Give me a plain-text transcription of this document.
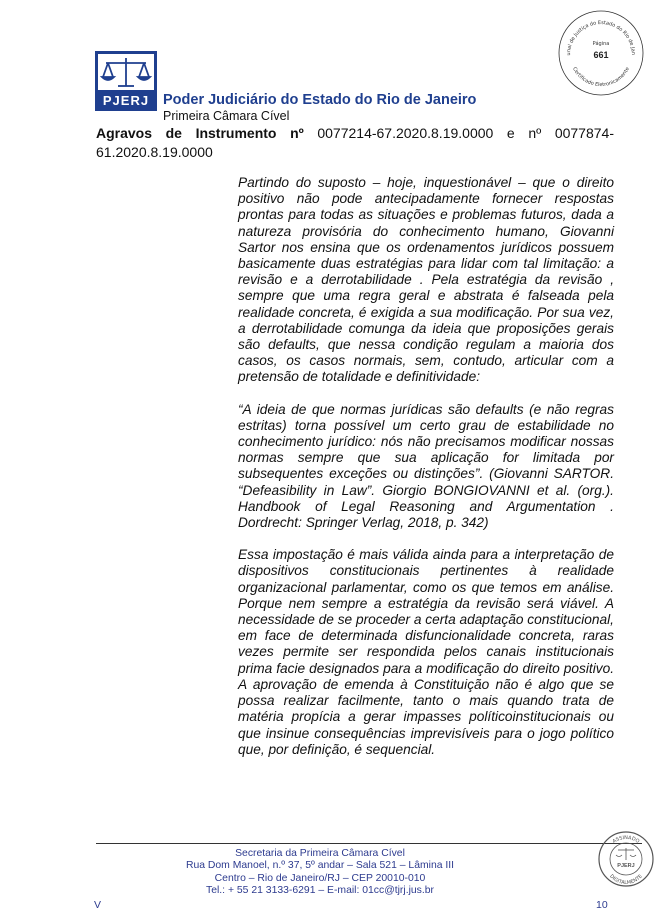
unal de Justiça do Estado do Rio de Jan
Página
661
Certificado Eletronicamente
PJERJ Poder Judiciário do Estado do Rio de Janeiro
Primeira Câmara Cível
Agravos de Instrumento nº 0077214-67.2020.8.19.0000 e nº 0077874-61.2020.8.19.0000

Partindo do suposto – hoje, inquestionável – que o direito positivo não pode antecipadamente fornecer respostas prontas para todas as situações e problemas futuros, dada a natureza provisória do conhecimento humano, Giovanni Sartor nos ensina que os ordenamentos jurídicos possuem basicamente duas estratégias para lidar com tal limitação: a revisão e a derrotabilidade . Pela estratégia da revisão , sempre que uma regra geral e abstrata é falseada pela realidade concreta, é exigida a sua modificação. Por sua vez, a derrotabilidade comunga da ideia que proposições gerais são defaults, que nessa condição regulam a maioria dos casos, os casos normais, sem, contudo, articular com a pretensão de totalidade e definitividade:

“A ideia de que normas jurídicas são defaults (e não regras estritas) torna possível um certo grau de estabilidade no conhecimento jurídico: nós não precisamos modificar nossas normas sempre que sua aplicação for limitada por subsequentes exceções ou distinções”. (Giovanni SARTOR. “Defeasibility in Law”. Giorgio BONGIOVANNI et al. (org.). Handbook of Legal Reasoning and Argumentation . Dordrecht: Springer Verlag, 2018, p. 342)

Essa impostação é mais válida ainda para a interpretação de dispositivos constitucionais pertinentes à realidade organizacional parlamentar, como os que temos em análise. Porque nem sempre a estratégia da revisão será viável. A necessidade de se proceder a certa adaptação constitucional, em face de determinada disfuncionalidade concreta, raras vezes permite ser respondida pelos canais institucionais prima facie designados para a modificação do direito positivo. A aprovação de emenda à Constituição não é algo que se possa realizar facilmente, tanto o mais quando trata de matéria propícia a gerar impasses políticoinstitucionais ou que insinue consequências imprevisíveis para o jogo político que, por definição, é sequencial.

Secretaria da Primeira Câmara Cível
Rua Dom Manoel, n.º 37, 5º andar – Sala 521 – Lâmina III
Centro – Rio de Janeiro/RJ – CEP 20010-010
Tel.: + 55 21 3133-6291 – E-mail: 01cc@tjrj.jus.br
V	10
ASSINADO
PJERJ
DIGITALMENTE
